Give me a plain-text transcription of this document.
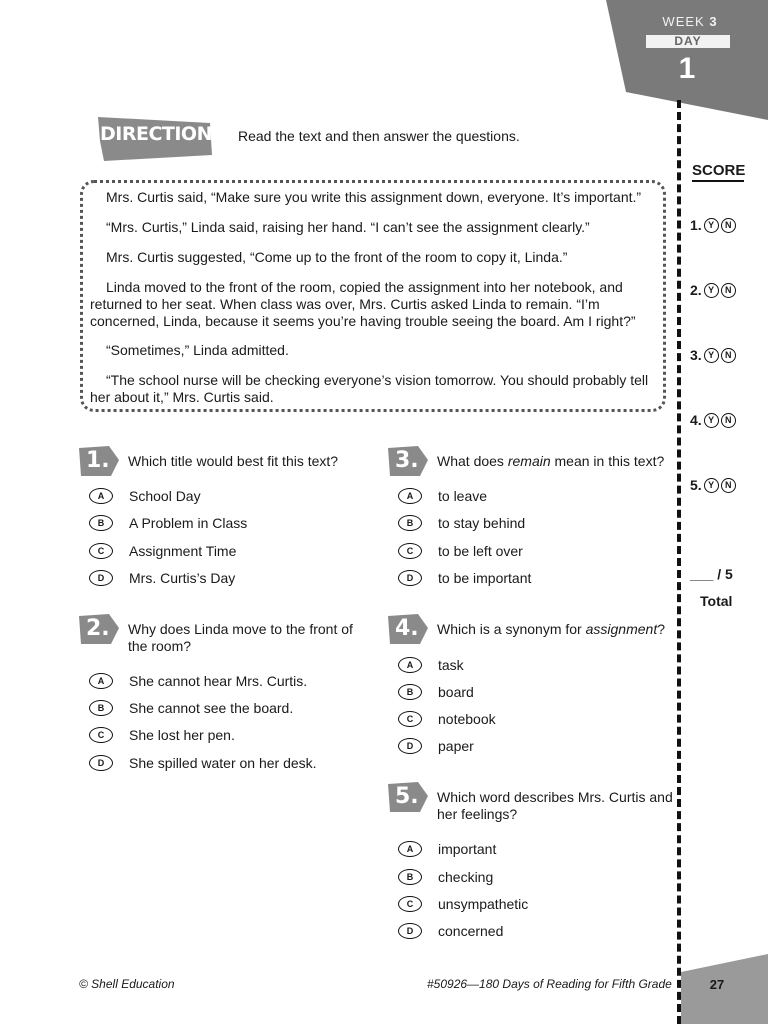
WEEK 3
DAY
1
DIRECTIONS Read the text and then answer the questions.
Mrs. Curtis said, “Make sure you write this assignment down, everyone. It’s important.”
“Mrs. Curtis,” Linda said, raising her hand. “I can’t see the assignment clearly.”
Mrs. Curtis suggested, “Come up to the front of the room to copy it, Linda.”
Linda moved to the front of the room, copied the assignment into her notebook, and returned to her seat. When class was over, Mrs. Curtis asked Linda to remain. “I’m concerned, Linda, because it seems you’re having trouble seeing the board. Am I right?”
“Sometimes,” Linda admitted.
“The school nurse will be checking everyone’s vision tomorrow. You should probably tell her about it,” Mrs. Curtis said.
SCORE
1. Y	N
2. Y	N
3. Y	N
4. Y	N
5. Y	N
___ / 5
Total
1. Which title would best fit this text?
A	School Day
B	A Problem in Class
C	Assignment Time
D	Mrs. Curtis’s Day
2. Why does Linda move to the front of the room?
A	She cannot hear Mrs. Curtis.
B	She cannot see the board.
C	She lost her pen.
D	She spilled water on her desk.
3. What does remain mean in this text?
A	to leave
B	to stay behind
C	to be left over
D	to be important
4. Which is a synonym for assignment?
A	task
B	board
C	notebook
D	paper
5. Which word describes Mrs. Curtis and her feelings?
A	important
B	checking
C	unsympathetic
D	concerned
© Shell Education	#50926—180 Days of Reading for Fifth Grade	27
